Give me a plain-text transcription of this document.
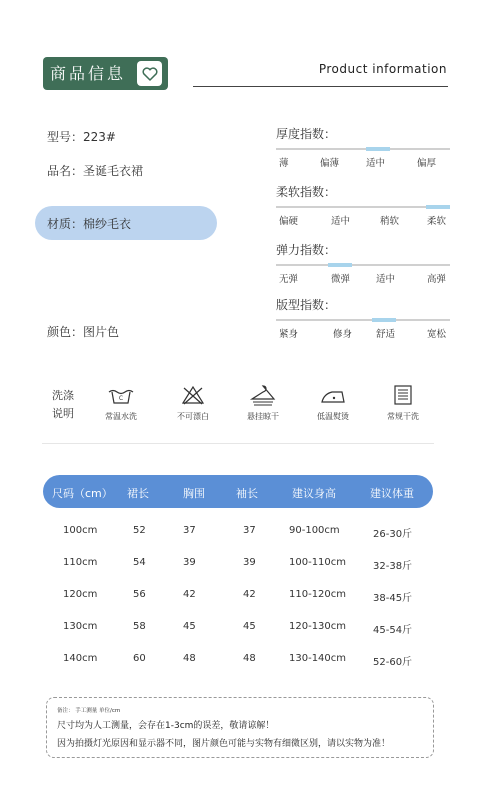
商品信息	Product information
型号：223#
品名：圣诞毛衣裙
材质：棉纱毛衣
颜色：图片色
厚度指数：
薄	偏薄	适中	偏厚
柔软指数：
偏硬	适中	稍软	柔软
弹力指数：
无弹	微弹	适中	高弹
版型指数：
紧身	修身	舒适	宽松
洗涤
说明
C
常温水洗	不可漂白	悬挂晾干	低温熨烫	常规干洗
尺码（cm） 裙长	胸围	袖长	建议身高	建议体重
100cm	52	37	37	90-100cm	26-30斤
110cm	54	39	39	100-110cm	32-38斤
120cm	56	42	42	110-120cm	38-45斤
130cm	58	45	45	120-130cm	45-54斤
140cm	60	48	48	130-140cm	52-60斤
备注： 手工测量 单位/cm
尺寸均为人工测量，会存在1-3cm的误差，敬请谅解！
因为拍摄灯光原因和显示器不同，图片颜色可能与实物有细微区别，请以实物为准！
